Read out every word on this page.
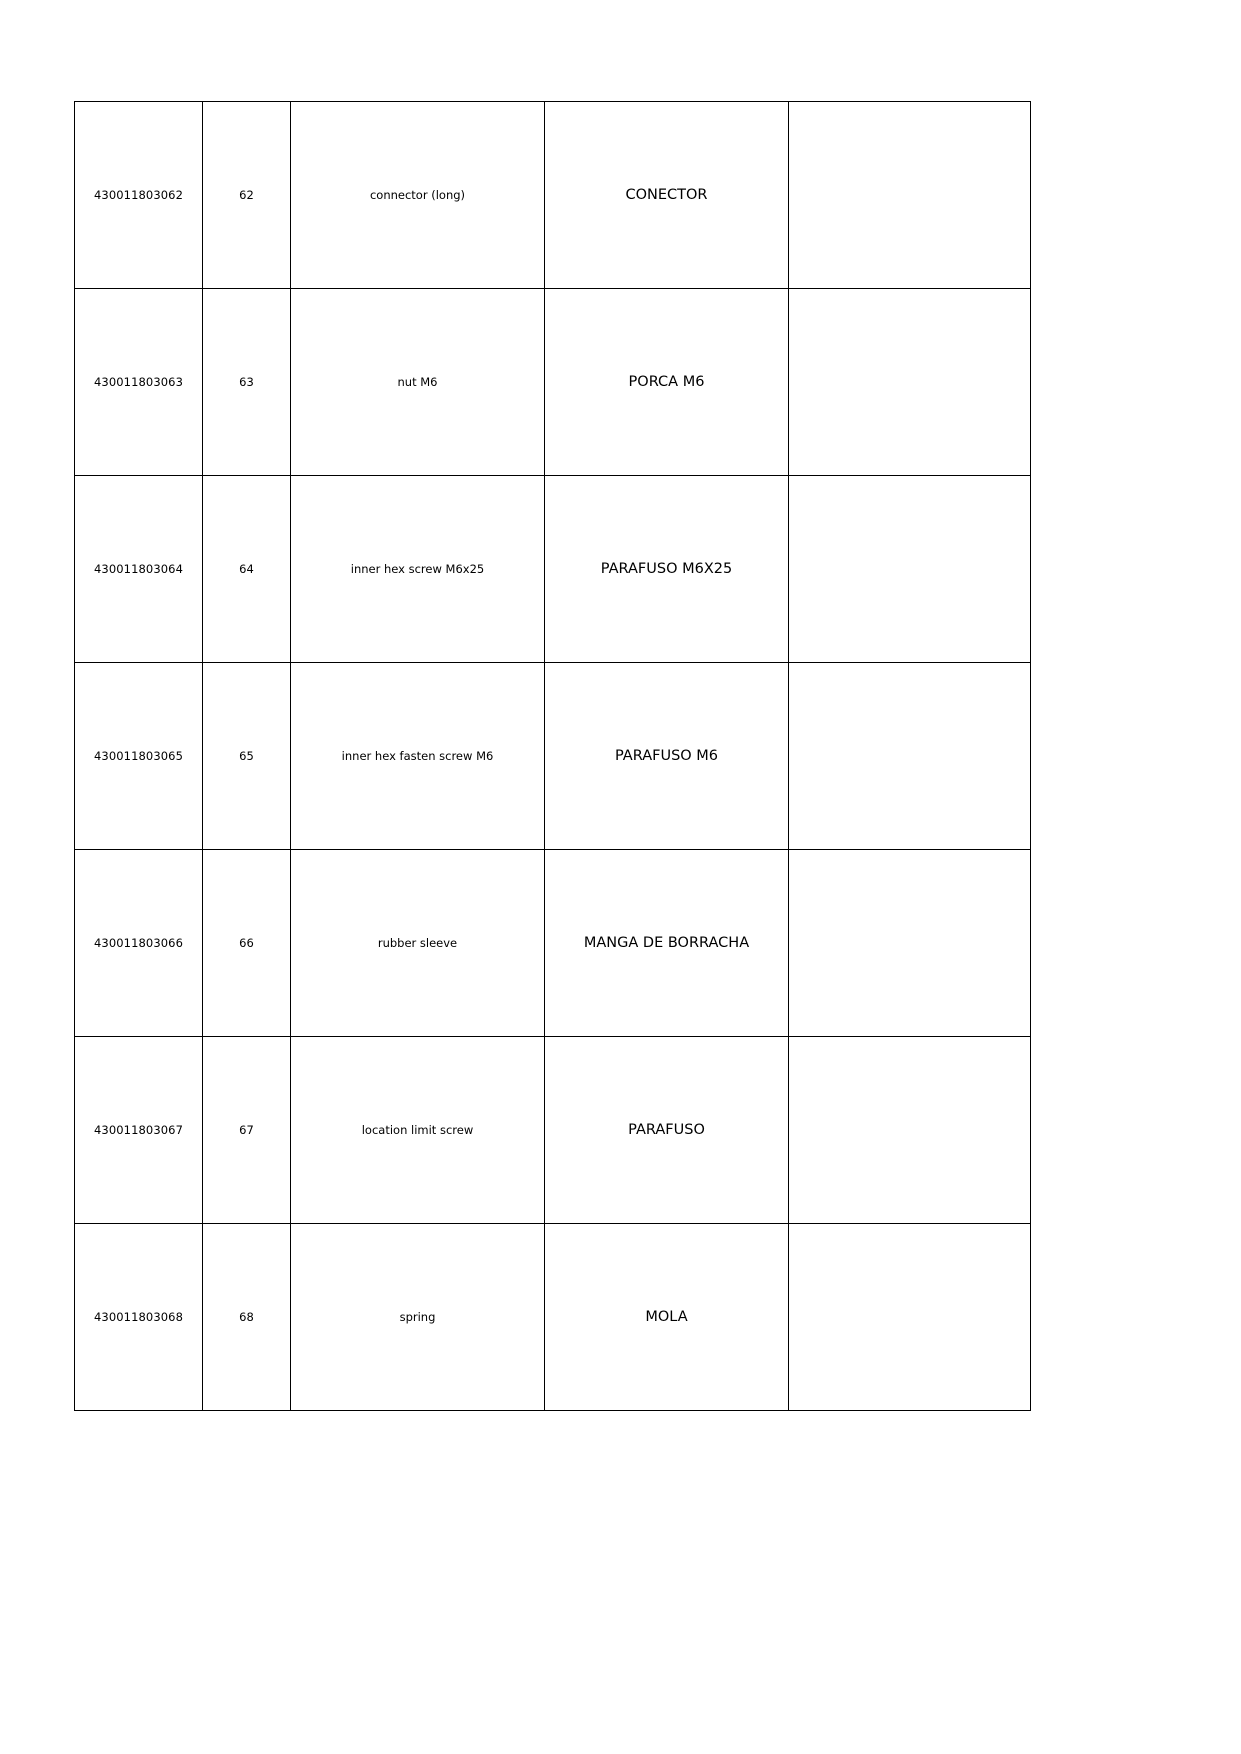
430011803062	62	connector (long)	CONECTOR	
430011803063	63	nut M6	PORCA M6	
430011803064	64	inner hex screw M6x25	PARAFUSO M6X25	
430011803065	65	inner hex fasten screw M6	PARAFUSO M6	
430011803066	66	rubber sleeve	MANGA DE BORRACHA	
430011803067	67	location limit screw	PARAFUSO	
430011803068	68	spring	MOLA	
